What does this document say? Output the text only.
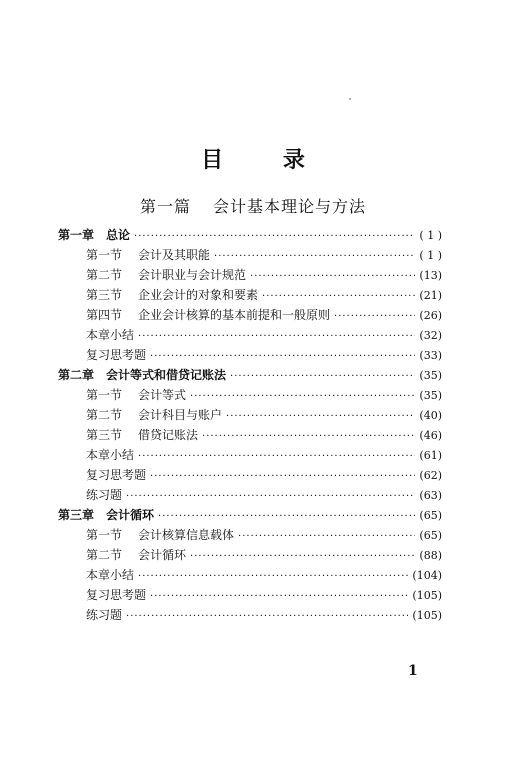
目 录
第一篇 会计基本理论与方法
第一章 总论 ·····	( 1 )
第一节	会计及其职能 ·····	( 1 )
第二节	会计职业与会计规范 ·····	(13)
第三节	企业会计的对象和要素 ·····	(21)
第四节	企业会计核算的基本前提和一般原则 ·····	(26)
本章小结 ·····	(32)
复习思考题 ·····	(33)
第二章 会计等式和借贷记账法 ·····	(35)
第一节	会计等式 ·····	(35)
第二节	会计科目与账户 ·····	(40)
第三节	借贷记账法 ·····	(46)
本章小结 ·····	(61)
复习思考题 ·····	(62)
练习题 ·····	(63)
第三章 会计循环 ·····	(65)
第一节	会计核算信息载体 ·····	(65)
第二节	会计循环 ·····	(88)
本章小结 ·····	(104)
复习思考题 ·····	(105)
练习题 ·····	(105)
1
